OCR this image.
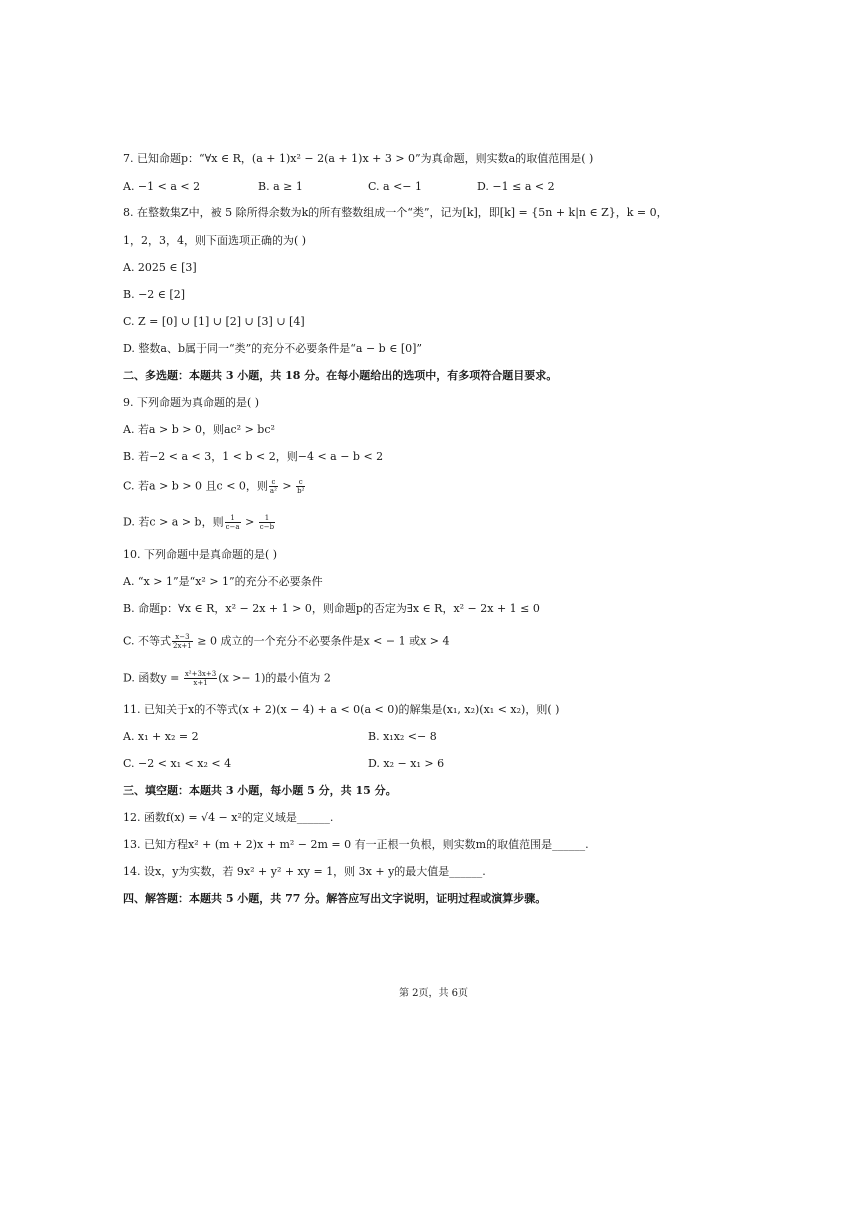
7. 已知命题p：“∀x ∈ R，(a + 1)x² − 2(a + 1)x + 3 > 0”为真命题，则实数a的取值范围是( )
A. −1 < a < 2	B. a ≥ 1	C. a <− 1	D. −1 ≤ a < 2
8. 在整数集Z中，被 5 除所得余数为k的所有整数组成一个“类”，记为[k]，即[k] = {5n + k|n ∈ Z}，k = 0，
1，2，3，4，则下面选项正确的为( )
A. 2025 ∈ [3]
B. −2 ∈ [2]
C. Z = [0] ∪ [1] ∪ [2] ∪ [3] ∪ [4]
D. 整数a、b属于同一“类”的充分不必要条件是“a − b ∈ [0]”
二、多选题：本题共 3 小题，共 18 分。在每小题给出的选项中，有多项符合题目要求。
9. 下列命题为真命题的是( )
A. 若a > b > 0，则ac² > bc²
B. 若−2 < a < 3，1 < b < 2，则−4 < a − b < 2
C. 若a > b > 0 且c < 0，则 $\frac{c}{\text{a²}} > \frac{c}{\text{b²}}$
D. 若c > a > b，则 $\frac{1}{c-a} > \frac{1}{c-b}$
10. 下列命题中是真命题的是( )
A. “x > 1”是“x² > 1”的充分不必要条件
B. 命题p：∀x ∈ R，x² − 2x + 1 > 0，则命题p的否定为∃x ∈ R，x² − 2x + 1 ≤ 0
C. 不等式 $\frac{x-3}{2x+1} \ge 0$ 成立的一个充分不必要条件是x < − 1 或x > 4
D. 函数$y = \frac{\text{x²+3x+3}}{x+1} (x >- 1)$的最小值为 2
11. 已知关于x的不等式(x + 2)(x − 4) + a < 0(a < 0)的解集是(x₁, x₂)(x₁ < x₂)，则( )
A. x₁ + x₂ = 2	B. x₁x₂ <− 8
C. −2 < x₁ < x₂ < 4	D. x₂ − x₁ > 6
三、填空题：本题共 3 小题，每小题 5 分，共 15 分。
12. 函数f(x) = √4 − x²的定义域是______.
13. 已知方程x² + (m + 2)x + m² − 2m = 0 有一正根一负根，则实数m的取值范围是______.
14. 设x，y为实数，若 9x² + y² + xy = 1，则 3x + y的最大值是______.
四、解答题：本题共 5 小题，共 77 分。解答应写出文字说明，证明过程或演算步骤。
第 2页，共 6页
